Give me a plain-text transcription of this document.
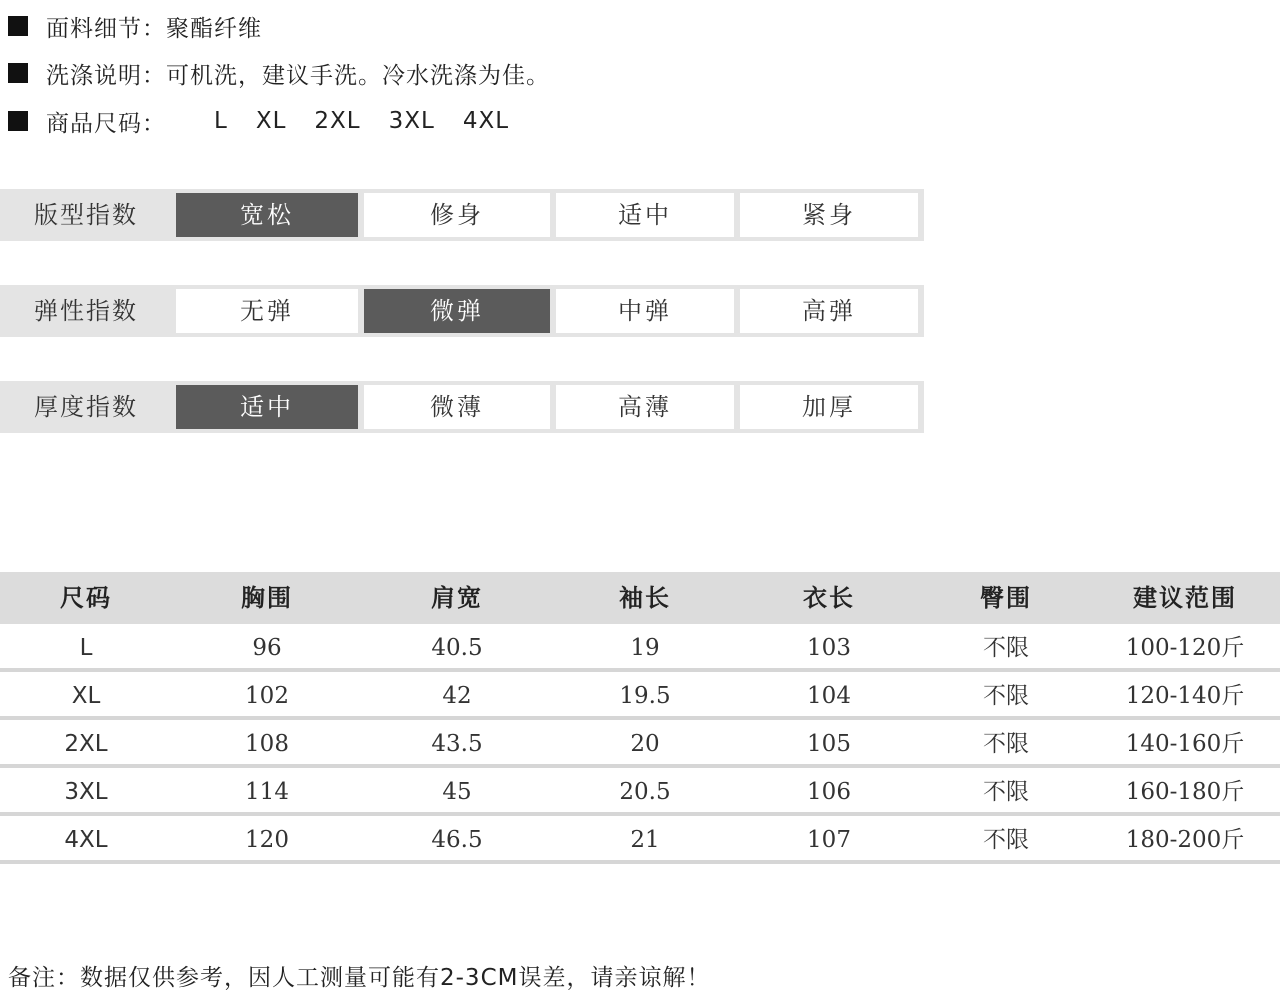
面料细节： 聚酯纤维
洗涤说明： 可机洗，建议手洗。冷水洗涤为佳。
商品尺码： L XL 2XL 3XL 4XL
版型指数	宽松	修身	适中	紧身
弹性指数	无弹	微弹	中弹	高弹
厚度指数	适中	微薄	高薄	加厚
尺码	胸围	肩宽	袖长	衣长	臀围	建议范围
L	96	40.5	19	103	不限	100-120斤
XL	102	42	19.5	104	不限	120-140斤
2XL	108	43.5	20	105	不限	140-160斤
3XL	114	45	20.5	106	不限	160-180斤
4XL	120	46.5	21	107	不限	180-200斤
备注：数据仅供参考，因人工测量可能有2-3CM误差，请亲谅解！
